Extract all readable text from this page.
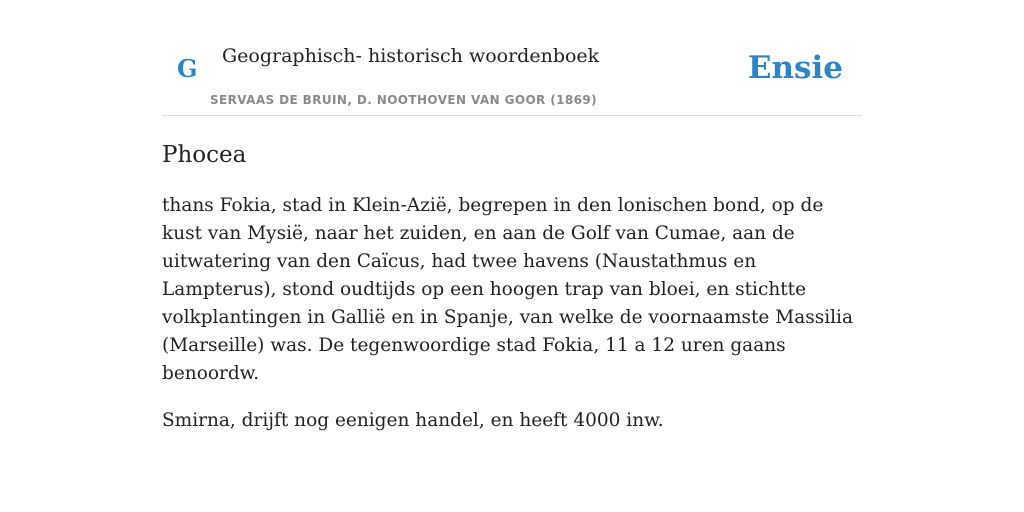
G Geographisch- historisch woordenboek
SERVAAS DE BRUIN, D. NOOTHOVEN VAN GOOR (1869)
Ensie
Phocea

thans Fokia, stad in Klein-Azië, begrepen in den lonischen bond, op de kust van Mysië, naar het zuiden, en aan de Golf van Cumae, aan de uitwatering van den Caïcus, had twee havens (Naustathmus en Lampterus), stond oudtijds op een hoogen trap van bloei, en stichtte volkplantingen in Gallië en in Spanje, van welke de voornaamste Massilia (Marseille) was. De tegenwoordige stad Fokia, 11 a 12 uren gaans benoordw.

Smirna, drijft nog eenigen handel, en heeft 4000 inw.
